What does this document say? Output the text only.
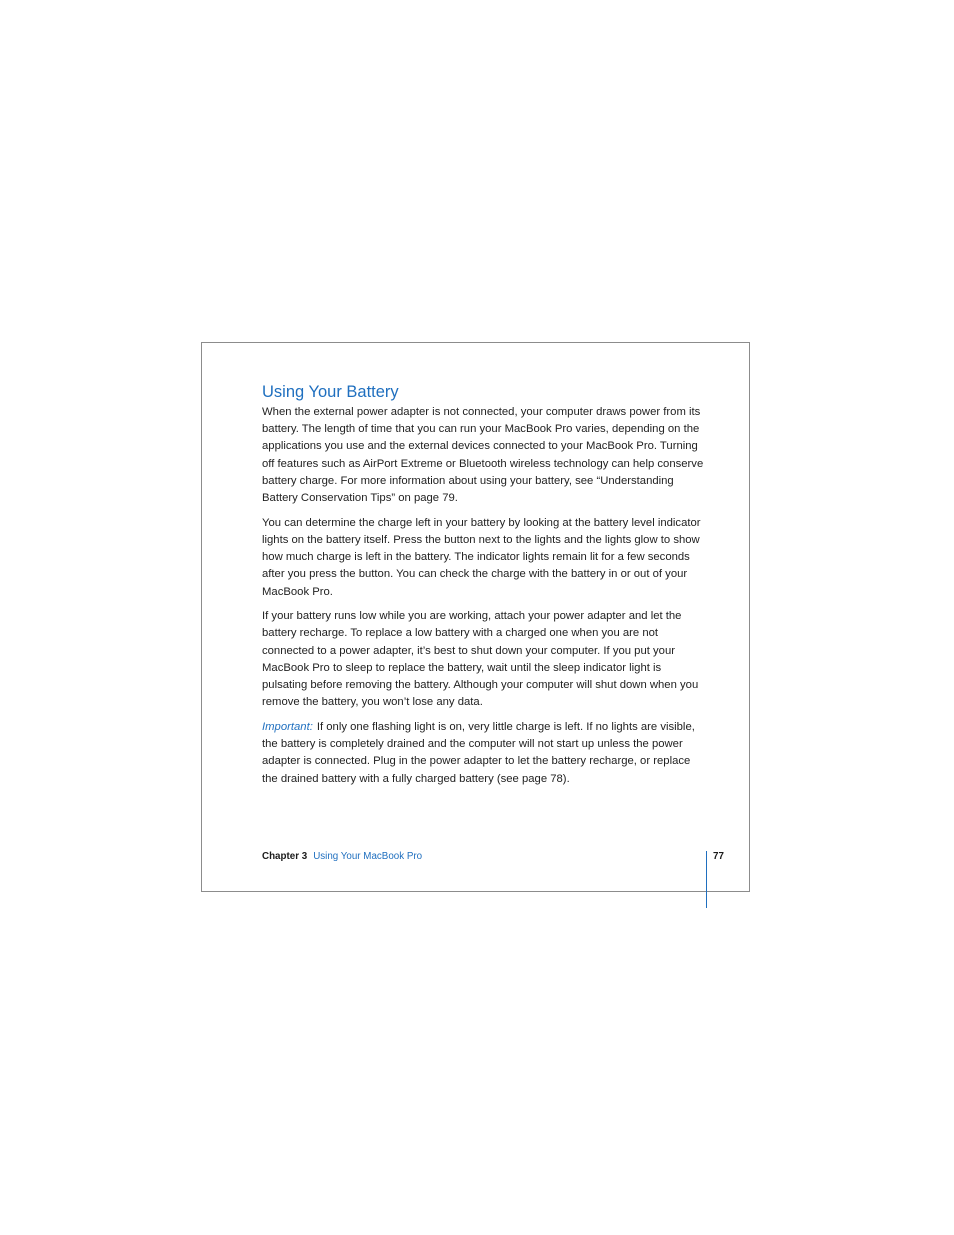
Using Your Battery

When the external power adapter is not connected, your computer draws power from its battery. The length of time that you can run your MacBook Pro varies, depending on the applications you use and the external devices connected to your MacBook Pro. Turning off features such as AirPort Extreme or Bluetooth wireless technology can help conserve battery charge. For more information about using your battery, see “Understanding Battery Conservation Tips” on page 79.

You can determine the charge left in your battery by looking at the battery level indicator lights on the battery itself. Press the button next to the lights and the lights glow to show how much charge is left in the battery. The indicator lights remain lit for a few seconds after you press the button. You can check the charge with the battery in or out of your MacBook Pro.

If your battery runs low while you are working, attach your power adapter and let the battery recharge. To replace a low battery with a charged one when you are not connected to a power adapter, it’s best to shut down your computer. If you put your MacBook Pro to sleep to replace the battery, wait until the sleep indicator light is pulsating before removing the battery. Although your computer will shut down when you remove the battery, you won’t lose any data.

Important: If only one flashing light is on, very little charge is left. If no lights are visible, the battery is completely drained and the computer will not start up unless the power adapter is connected. Plug in the power adapter to let the battery recharge, or replace the drained battery with a fully charged battery (see page 78).

Chapter 3 Using Your MacBook Pro	77
